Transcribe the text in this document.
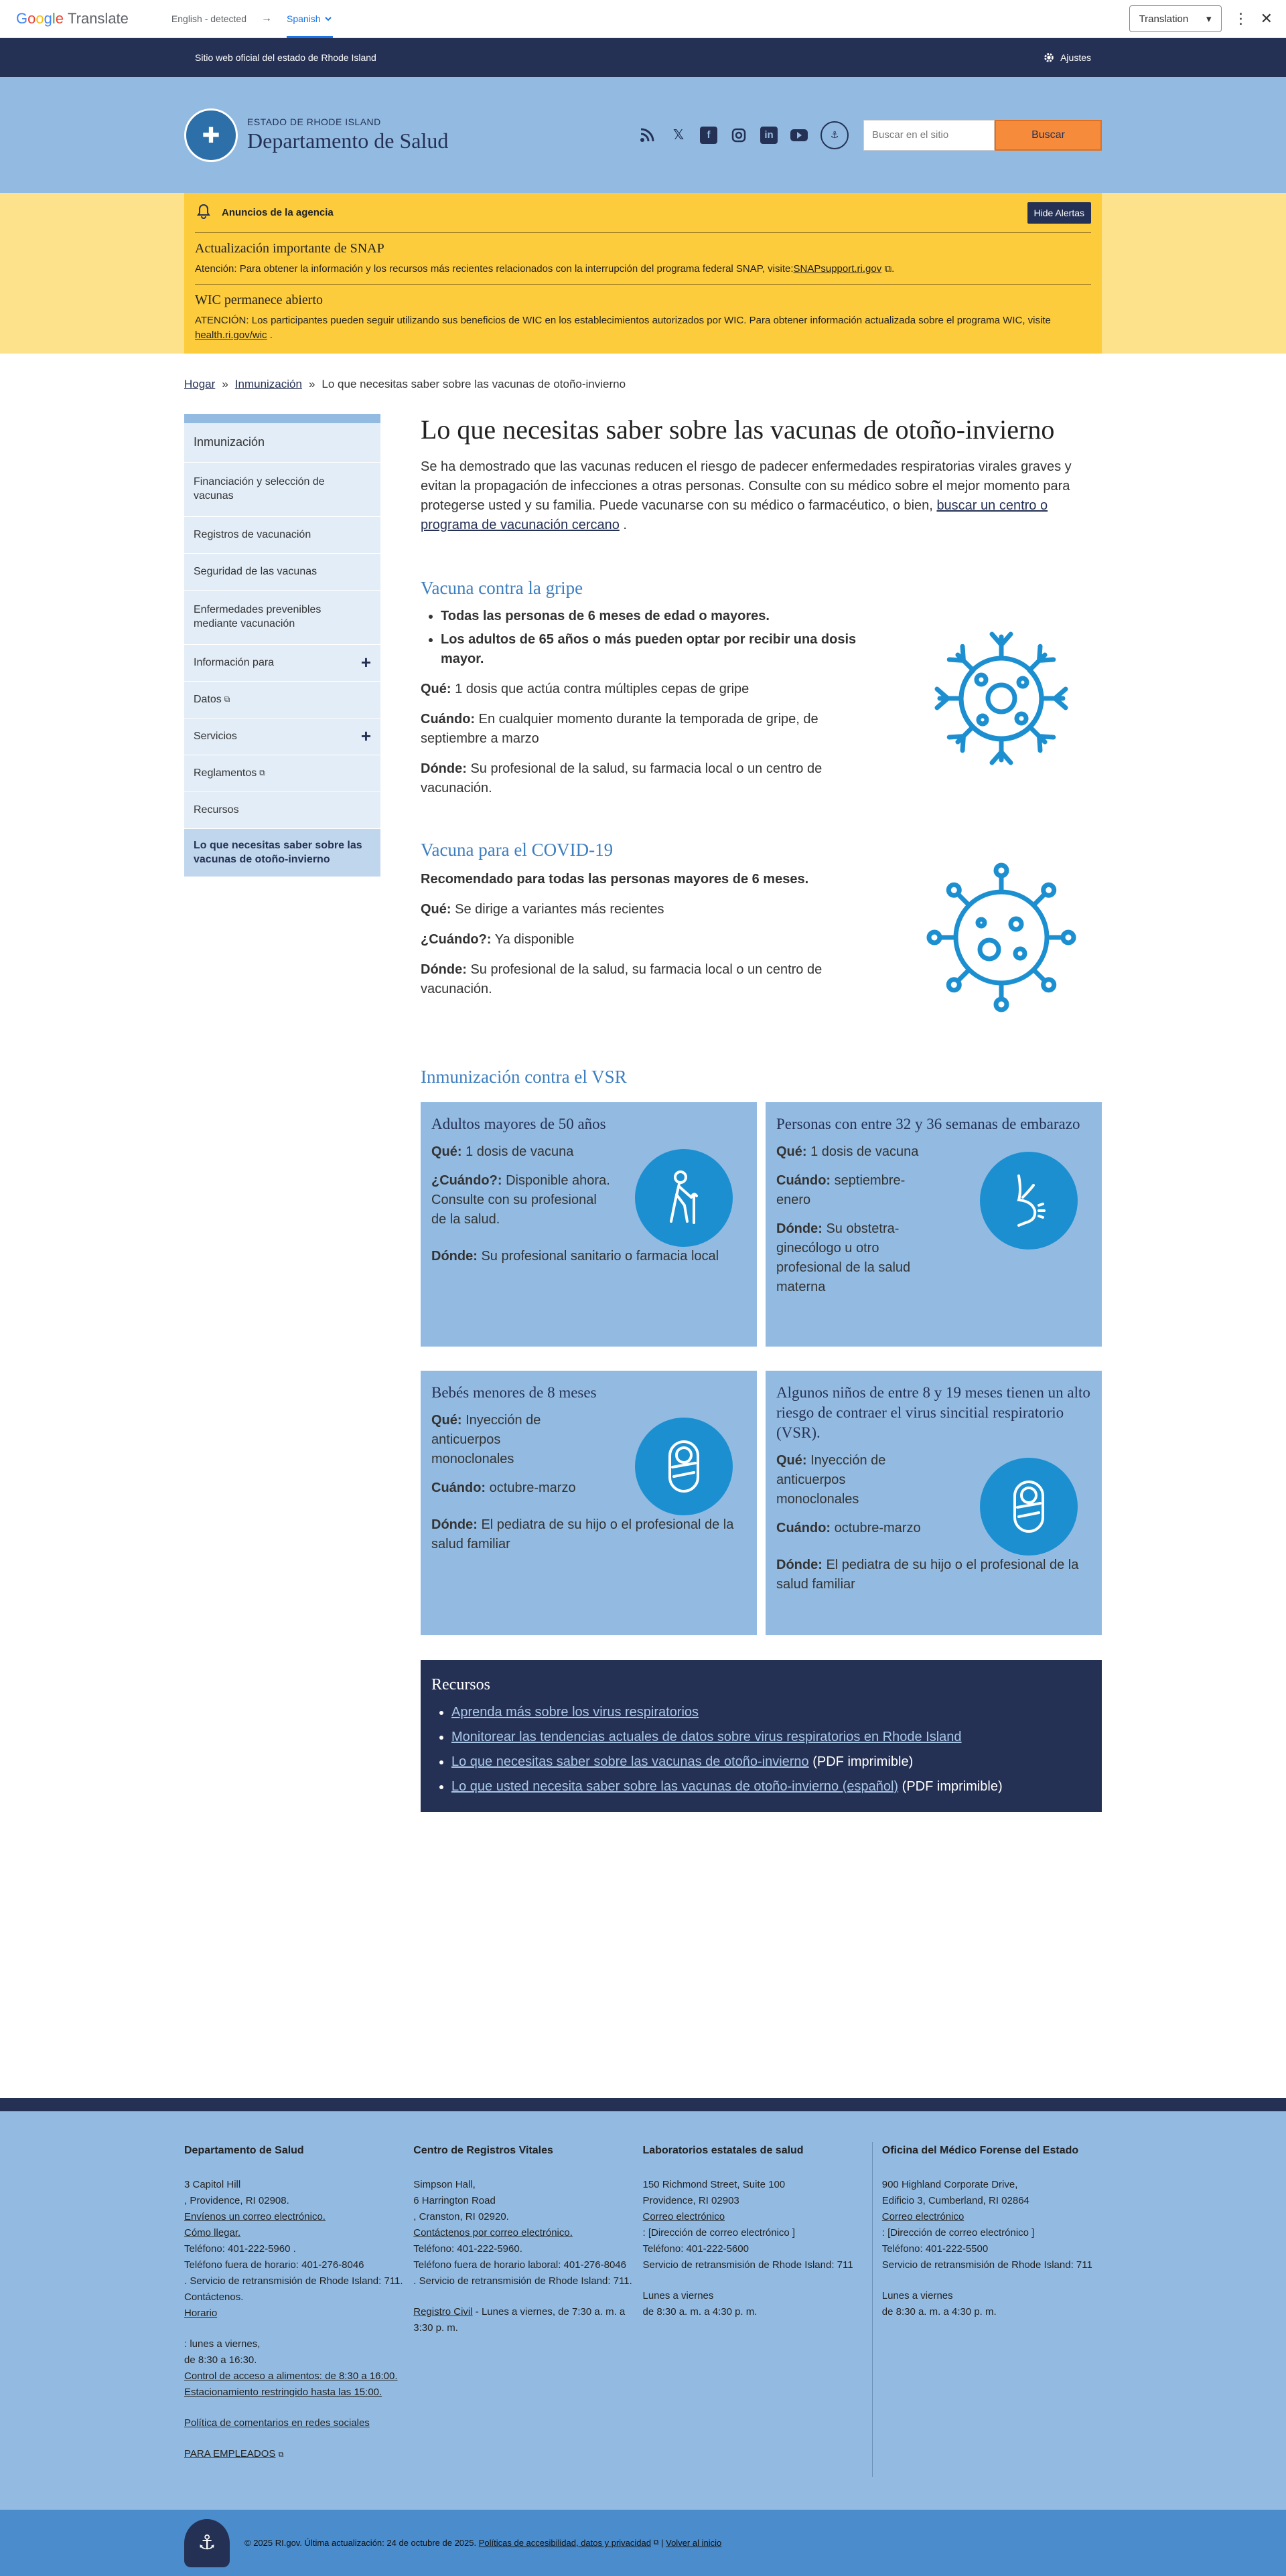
G o o g l e Translate	English - detected → Spanish	Translation ▾ ⋮ ✕
Sitio web oficial del estado de Rhode Island	Ajustes
✚
ESTADO DE RHODE ISLAND
Departamento de Salud	𝕏	f	in	⚓	Buscar en el sitio	Buscar
Anuncios de la agencia	Hide Alertas
Actualización importante de SNAP

Atención: Para obtener la información y los recursos más recientes relacionados con la interrupción del programa federal SNAP, visite:SNAPsupport.ri.gov ⧉.

WIC permanece abierto

ATENCIÓN: Los participantes pueden seguir utilizando sus beneficios de WIC en los establecimientos autorizados por WIC. Para obtener información actualizada sobre el programa WIC, visite health.ri.gov/wic .

Hogar » Inmunización » Lo que necesitas saber sobre las vacunas de otoño-invierno
Inmunización
Financiación y selección de vacunas
Registros de vacunación
Seguridad de las vacunas
Enfermedades prevenibles mediante vacunación
Información para	+
Datos ⧉
Servicios	+
Reglamentos ⧉
Recursos
Lo que necesitas saber sobre las vacunas de otoño-invierno
Lo que necesitas saber sobre las vacunas de otoño-invierno

Se ha demostrado que las vacunas reducen el riesgo de padecer enfermedades respiratorias virales graves y evitan la propagación de infecciones a otras personas. Consulte con su médico sobre el mejor momento para protegerse usted y su familia. Puede vacunarse con su médico o farmacéutico, o bien, buscar un centro o programa de vacunación cercano .

Vacuna contra la gripe
• Todas las personas de 6 meses de edad o mayores.
• Los adultos de 65 años o más pueden optar por recibir una dosis mayor.

Qué: 1 dosis que actúa contra múltiples cepas de gripe

Cuándo: En cualquier momento durante la temporada de gripe, de septiembre a marzo

Dónde: Su profesional de la salud, su farmacia local o un centro de vacunación.

Vacuna para el COVID-19

Recomendado para todas las personas mayores de 6 meses.

Qué: Se dirige a variantes más recientes

¿Cuándo?: Ya disponible

Dónde: Su profesional de la salud, su farmacia local o un centro de vacunación.

Inmunización contra el VSR
Adultos mayores de 50 años

Qué: 1 dosis de vacuna

¿Cuándo?: Disponible ahora. Consulte con su profesional de la salud.

Dónde: Su profesional sanitario o farmacia local

Personas con entre 32 y 36 semanas de embarazo

Qué: 1 dosis de vacuna

Cuándo: septiembre-enero

Dónde: Su obstetra-ginecólogo u otro profesional de la salud materna

Bebés menores de 8 meses

Qué: Inyección de anticuerpos monoclonales

Cuándo: octubre-marzo

Dónde: El pediatra de su hijo o el profesional de la salud familiar

Algunos niños de entre 8 y 19 meses tienen un alto riesgo de contraer el virus sincitial respiratorio (VSR).

Qué: Inyección de anticuerpos monoclonales

Cuándo: octubre-marzo

Dónde: El pediatra de su hijo o el profesional de la salud familiar

Recursos
• Aprenda más sobre los virus respiratorios
• Monitorear las tendencias actuales de datos sobre virus respiratorios en Rhode Island
• Lo que necesitas saber sobre las vacunas de otoño-invierno (PDF imprimible)
• Lo que usted necesita saber sobre las vacunas de otoño-invierno (español) (PDF imprimible)
Departamento de Salud
3 Capitol Hill
, Providence, RI 02908.
Envíenos un correo electrónico.
Cómo llegar.
Teléfono: 401-222-5960 .
Teléfono fuera de horario: 401-276-8046
. Servicio de retransmisión de Rhode Island: 711. Contáctenos.
Horario
: lunes a viernes,
de 8:30 a 16:30.
Control de acceso a alimentos: de 8:30 a 16:00.
Estacionamiento restringido hasta las 15:00.
Política de comentarios en redes sociales
PARA EMPLEADOS ⧉
Centro de Registros Vitales
Simpson Hall,
6 Harrington Road
, Cranston, RI 02920.
Contáctenos por correo electrónico.
Teléfono: 401-222-5960.
Teléfono fuera de horario laboral: 401-276-8046
. Servicio de retransmisión de Rhode Island: 711.
Registro Civil - Lunes a viernes, de 7:30 a. m. a 3:30 p. m.
Laboratorios estatales de salud
150 Richmond Street, Suite 100
Providence, RI 02903
Correo electrónico
: [Dirección de correo electrónico ]
Teléfono: 401-222-5600
Servicio de retransmisión de Rhode Island: 711
Lunes a viernes
de 8:30 a. m. a 4:30 p. m.
Oficina del Médico Forense del Estado
900 Highland Corporate Drive,
Edificio 3, Cumberland, RI 02864
Correo electrónico
: [Dirección de correo electrónico ]
Teléfono: 401-222-5500
Servicio de retransmisión de Rhode Island: 711
Lunes a viernes
de 8:30 a. m. a 4:30 p. m.
⚓	© 2025 RI.gov. Última actualización: 24 de octubre de 2025.
Políticas de accesibilidad, datos y privacidad
⧉
|
Volver al inicio
